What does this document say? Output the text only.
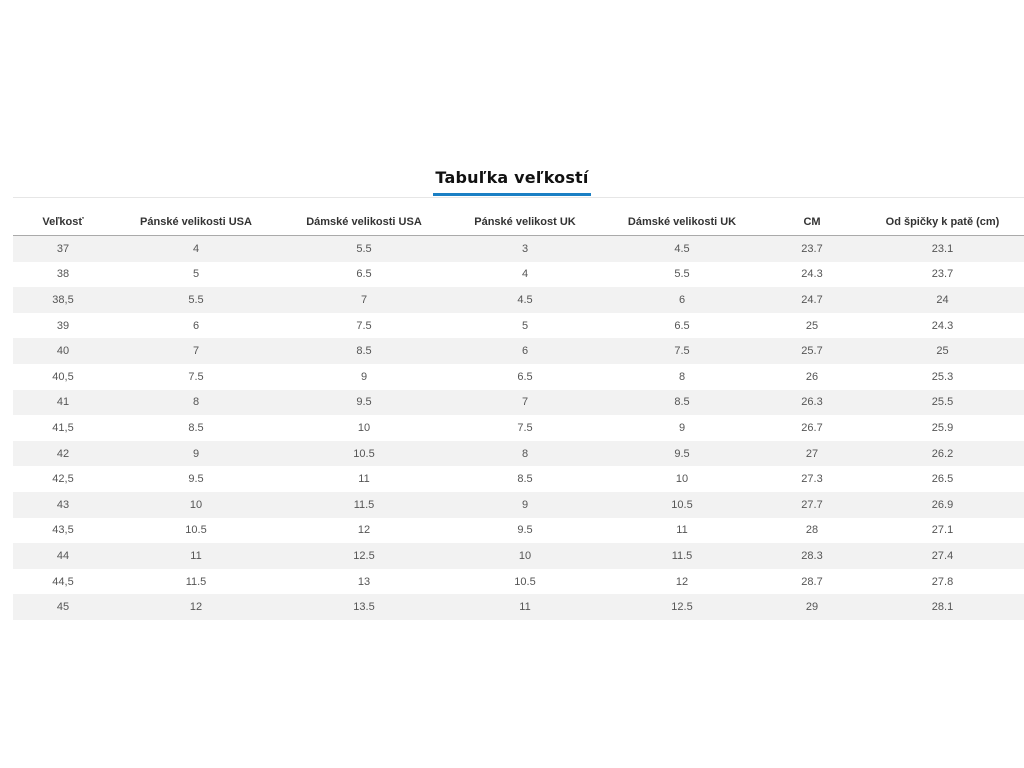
Tabuľka veľkostí
Veľkosť	Pánské velikosti USA	Dámské velikosti USA	Pánské velikost UK	Dámské velikosti UK	CM	Od špičky k patě (cm)
37	4	5.5	3	4.5	23.7	23.1
38	5	6.5	4	5.5	24.3	23.7
38,5	5.5	7	4.5	6	24.7	24
39	6	7.5	5	6.5	25	24.3
40	7	8.5	6	7.5	25.7	25
40,5	7.5	9	6.5	8	26	25.3
41	8	9.5	7	8.5	26.3	25.5
41,5	8.5	10	7.5	9	26.7	25.9
42	9	10.5	8	9.5	27	26.2
42,5	9.5	11	8.5	10	27.3	26.5
43	10	11.5	9	10.5	27.7	26.9
43,5	10.5	12	9.5	11	28	27.1
44	11	12.5	10	11.5	28.3	27.4
44,5	11.5	13	10.5	12	28.7	27.8
45	12	13.5	11	12.5	29	28.1
